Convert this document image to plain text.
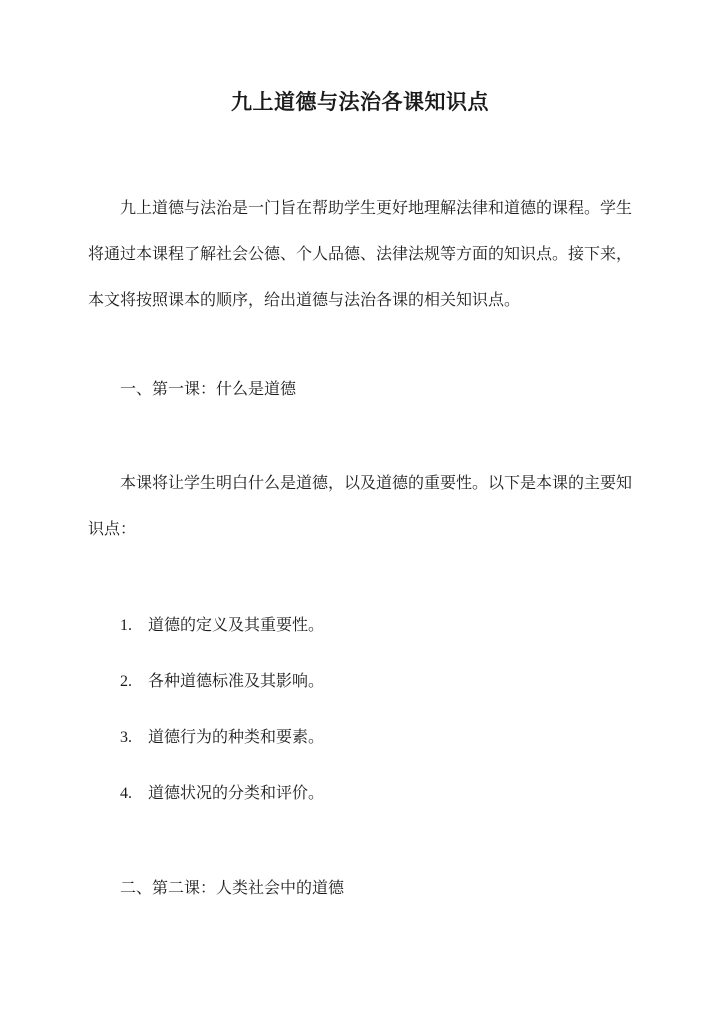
九上道德与法治各课知识点
九上道德与法治是一门旨在帮助学生更好地理解法律和道德的课程。学生将通过本课程了解社会公德、个人品德、法律法规等方面的知识点。接下来，本文将按照课本的顺序，给出道德与法治各课的相关知识点。
一、第一课：什么是道德
本课将让学生明白什么是道德，以及道德的重要性。以下是本课的主要知识点：
1. 道德的定义及其重要性。
2. 各种道德标准及其影响。
3. 道德行为的种类和要素。
4. 道德状况的分类和评价。
二、第二课：人类社会中的道德
